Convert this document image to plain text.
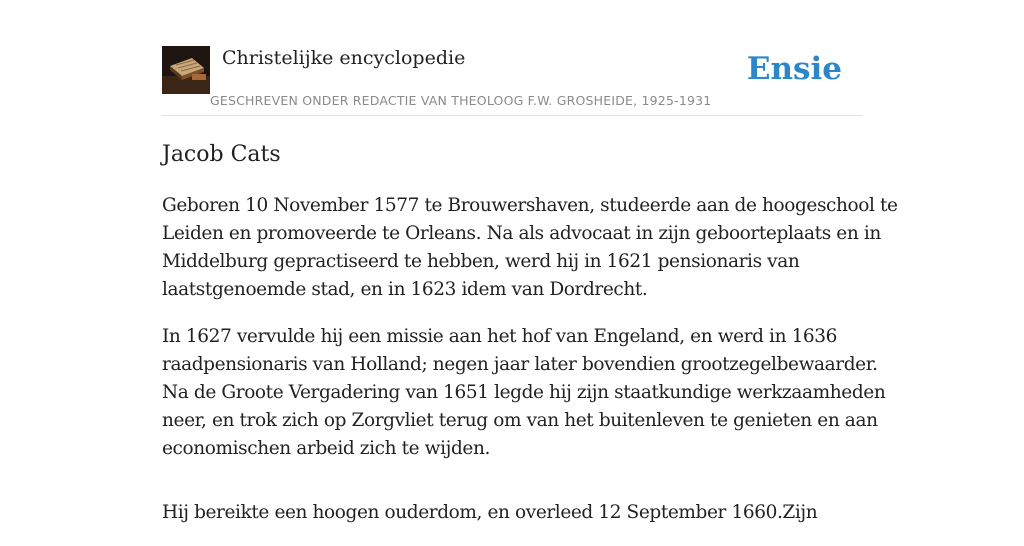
Christelijke encyclopedie
GESCHREVEN ONDER REDACTIE VAN THEOLOOG F.W. GROSHEIDE, 1925-1931
Ensie
Jacob Cats

Geboren 10 November 1577 te Brouwershaven, studeerde aan de hoogeschool te
Leiden en promoveerde te Orleans. Na als advocaat in zijn geboorteplaats en in
Middelburg gepractiseerd te hebben, werd hij in 1621 pensionaris van
laatstgenoemde stad, en in 1623 idem van Dordrecht.

In 1627 vervulde hij een missie aan het hof van Engeland, en werd in 1636
raadpensionaris van Holland; negen jaar later bovendien grootzegelbewaarder.
Na de Groote Vergadering van 1651 legde hij zijn staatkundige werkzaamheden
neer, en trok zich op Zorgvliet terug om van het buitenleven te genieten en aan
economischen arbeid zich te wijden.

Hij bereikte een hoogen ouderdom, en overleed 12 September 1660.Zijn
